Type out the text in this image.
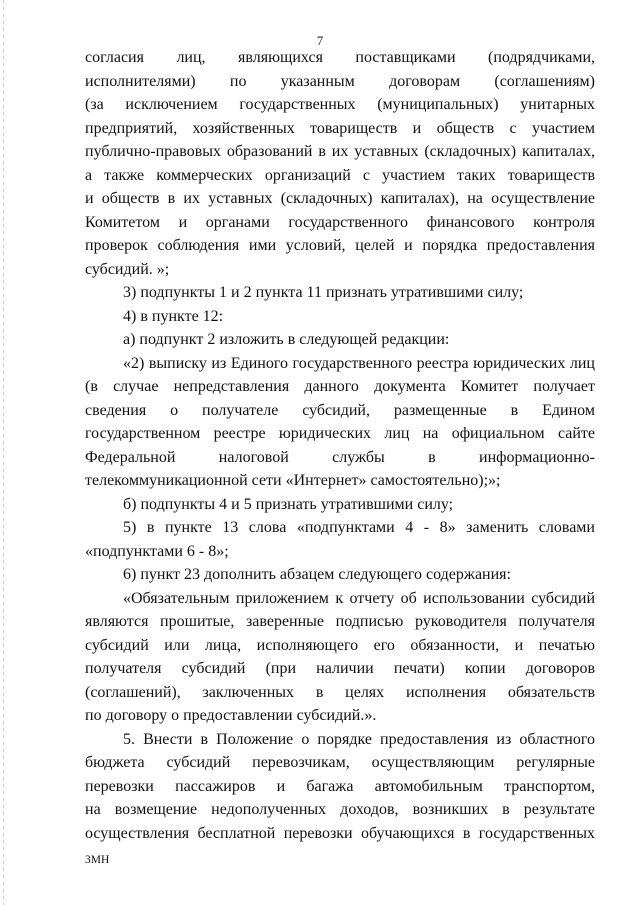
7
согласия лиц, являющихся поставщиками (подрядчиками,
исполнителями) по указанным договорам (соглашениям)
(за исключением государственных (муниципальных) унитарных
предприятий, хозяйственных товариществ и обществ с участием
публично-правовых образований в их уставных (складочных) капиталах,
а также коммерческих организаций с участием таких товариществ
и обществ в их уставных (складочных) капиталах), на осуществление
Комитетом и органами государственного финансового контроля
проверок соблюдения ими условий, целей и порядка предоставления
субсидий. »;
3) подпункты 1 и 2 пункта 11 признать утратившими силу;
4) в пункте 12:
а) подпункт 2 изложить в следующей редакции:
«2) выписку из Единого государственного реестра юридических лиц
(в случае непредставления данного документа Комитет получает
сведения о получателе субсидий, размещенные в Едином
государственном реестре юридических лиц на официальном сайте
Федеральной налоговой службы в информационно-
телекоммуникационной сети «Интернет» самостоятельно);»;
б) подпункты 4 и 5 признать утратившими силу;
5) в пункте 13 слова «подпунктами 4 - 8» заменить словами
«подпунктами 6 - 8»;
6) пункт 23 дополнить абзацем следующего содержания:
«Обязательным приложением к отчету об использовании субсидий
являются прошитые, заверенные подписью руководителя получателя
субсидий или лица, исполняющего его обязанности, и печатью
получателя субсидий (при наличии печати) копии договоров
(соглашений), заключенных в целях исполнения обязательств
по договору о предоставлении субсидий.».
5. Внести в Положение о порядке предоставления из областного
бюджета субсидий перевозчикам, осуществляющим регулярные
перевозки пассажиров и багажа автомобильным транспортом,
на возмещение недополученных доходов, возникших в результате
осуществления бесплатной перевозки обучающихся в государственных
3МН
